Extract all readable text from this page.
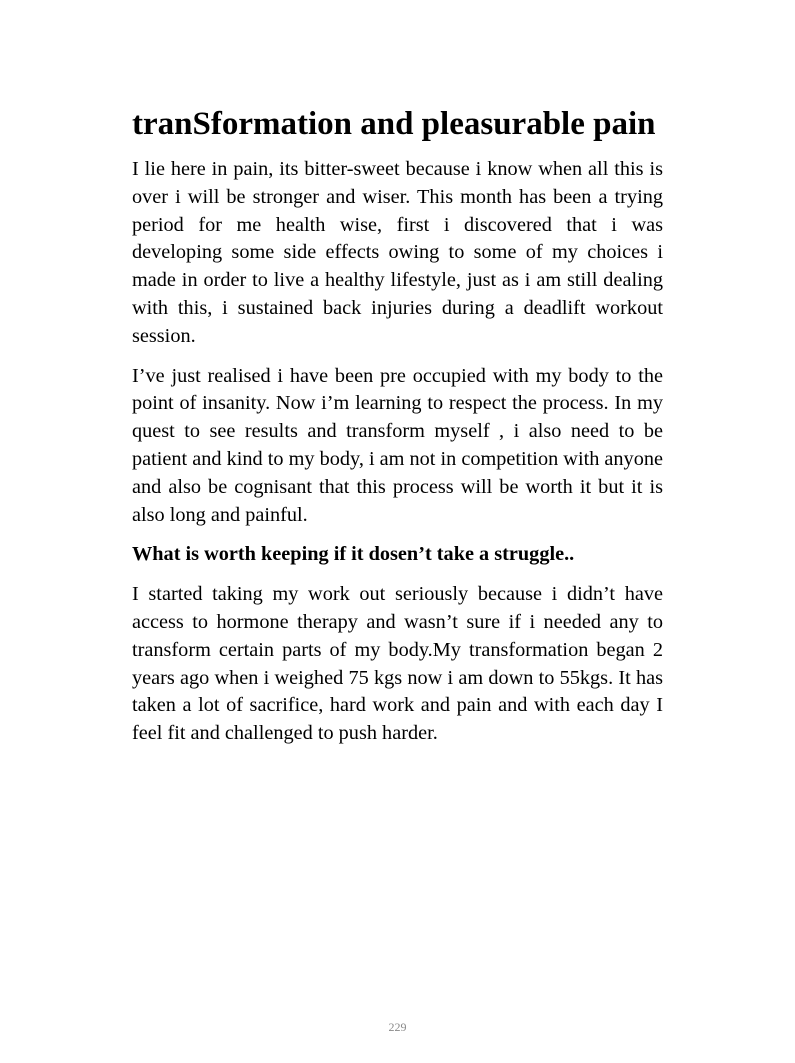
tranSformation and pleasurable pain

I lie here in pain, its bitter-sweet because i know when all this is over i will be stronger and wiser. This month has been a trying period for me health wise, first i discovered that i was developing some side effects owing to some of my choices i made in order to live a healthy lifestyle, just as i am still dealing with this, i sustained back injuries during a deadlift workout session.

I’ve just realised i have been pre occupied with my body to the point of insanity. Now i’m learning to respect the process. In my quest to see results and transform myself , i also need to be patient and kind to my body, i am not in competition with anyone and also be cognisant that this process will be worth it but it is also long and painful.

What is worth keeping if it dosen’t take a struggle..

I started taking my work out seriously because i didn’t have access to hormone therapy and wasn’t sure if i needed any to transform certain parts of my body.My transformation began 2 years ago when i weighed 75 kgs now i am down to 55kgs. It has taken a lot of sacrifice, hard work and pain and with each day I feel fit and challenged to push harder.

229
